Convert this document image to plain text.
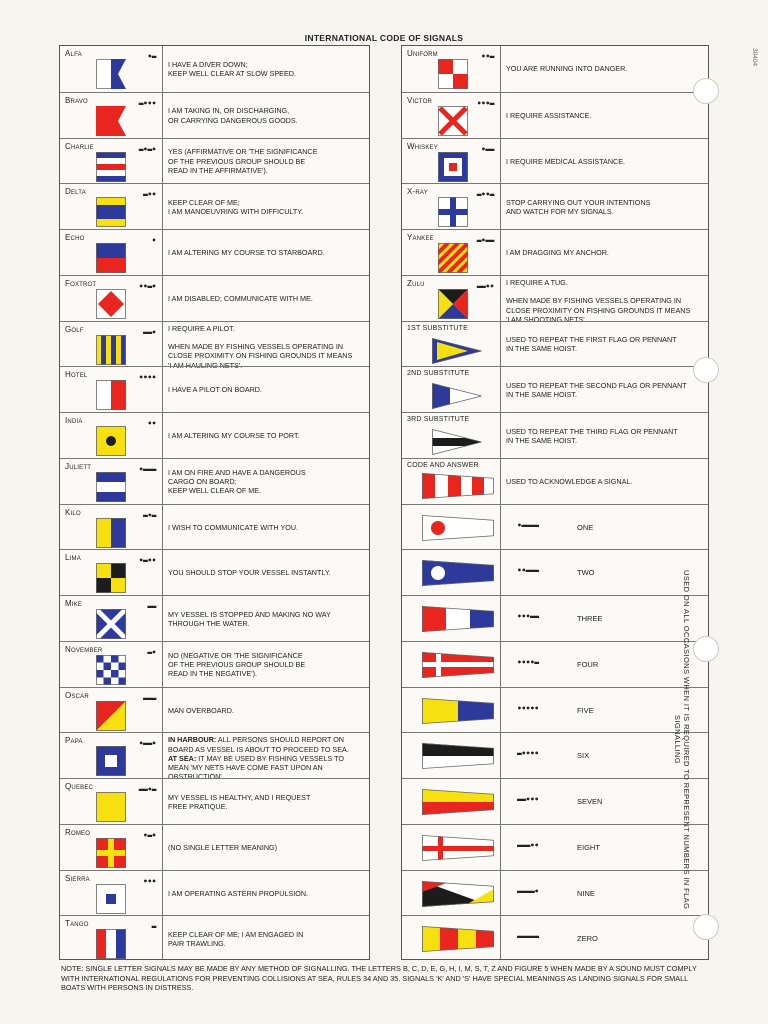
INTERNATIONAL CODE OF SIGNALS
30404
Alfa	•▬
I HAVE A DIVER DOWN;
KEEP WELL CLEAR AT SLOW SPEED.
Bravo	▬•••
I AM TAKING IN, OR DISCHARGING,
OR CARRYING DANGEROUS GOODS.
Charlie	▬•▬• YES (AFFIRMATIVE OR 'THE SIGNIFICANCE
OF THE PREVIOUS GROUP SHOULD BE
READ IN THE AFFIRMATIVE').
Delta	▬••
KEEP CLEAR OF ME;
I AM MANOEUVRING WITH DIFFICULTY.
Echo	•
I AM ALTERING MY COURSE TO STARBOARD.
Foxtrot	••▬•
I AM DISABLED; COMMUNICATE WITH ME.
Golf	▬▬• I REQUIRE A PILOT.

WHEN MADE BY FISHING VESSELS OPERATING IN
CLOSE PROXIMITY ON FISHING GROUNDS IT MEANS
'I AM HAULING NETS'.
Hotel	••••
I HAVE A PILOT ON BOARD.
India	••
I AM ALTERING MY COURSE TO PORT.
Juliett	•▬▬▬ I AM ON FIRE AND HAVE A DANGEROUS
CARGO ON BOARD;
KEEP WELL CLEAR OF ME.
Kilo	▬•▬
I WISH TO COMMUNICATE WITH YOU.
Lima	•▬••
YOU SHOULD STOP YOUR VESSEL INSTANTLY.
Mike	▬▬
MY VESSEL IS STOPPED AND MAKING NO WAY
THROUGH THE WATER.
November	▬• NO (NEGATIVE OR 'THE SIGNIFICANCE
OF THE PREVIOUS GROUP SHOULD BE
READ IN THE NEGATIVE').
Oscar	▬▬▬
MAN OVERBOARD.
Papa	•▬▬• IN HARBOUR: ALL PERSONS SHOULD REPORT ON
BOARD AS VESSEL IS ABOUT TO PROCEED TO SEA.
AT SEA: IT MAY BE USED BY FISHING VESSELS TO
MEAN 'MY NETS HAVE COME FAST UPON AN
OBSTRUCTION'.
Quebec	▬▬•▬
MY VESSEL IS HEALTHY, AND I REQUEST
FREE PRATIQUE.
Romeo	•▬•
(NO SINGLE LETTER MEANING)
Sierra	•••
I AM OPERATING ASTERN PROPULSION.
Tango	▬
KEEP CLEAR OF ME; I AM ENGAGED IN
PAIR TRAWLING.
Uniform	••▬
YOU ARE RUNNING INTO DANGER.
Victor	•••▬
I REQUIRE ASSISTANCE.
Whiskey	•▬▬
I REQUIRE MEDICAL ASSISTANCE.
X-ray	▬••▬
STOP CARRYING OUT YOUR INTENTIONS
AND WATCH FOR MY SIGNALS.
Yankee	▬•▬▬
I AM DRAGGING MY ANCHOR.
Zulu	▬▬•• I REQUIRE A TUG.

WHEN MADE BY FISHING VESSELS OPERATING IN
CLOSE PROXIMITY ON FISHING GROUNDS IT MEANS
'I AM SHOOTING NETS'.
1ST SUBSTITUTE
USED TO REPEAT THE FIRST FLAG OR PENNANT
IN THE SAME HOIST.
2ND SUBSTITUTE
USED TO REPEAT THE SECOND FLAG OR PENNANT
IN THE SAME HOIST.
3RD SUBSTITUTE
USED TO REPEAT THE THIRD FLAG OR PENNANT
IN THE SAME HOIST.
CODE AND ANSWER
USED TO ACKNOWLEDGE A SIGNAL.
•▬▬▬▬	ONE
••▬▬▬	TWO
•••▬▬	THREE
••••▬	FOUR
•••••	FIVE
▬••••	SIX
▬▬•••	SEVEN
▬▬▬••	EIGHT
▬▬▬▬•	NINE
▬▬▬▬▬	ZERO
USED ON ALL OCCASIONS WHEN IT IS REQUIRED TO REPRESENT NUMBERS IN FLAG SIGNALLING
NOTE: SINGLE LETTER SIGNALS MAY BE MADE BY ANY METHOD OF SIGNALLING. THE LETTERS B, C, D, E, G, H, I, M, S, T, Z AND FIGURE 5 WHEN MADE BY A SOUND MUST COMPLY WITH INTERNATIONAL REGULATIONS FOR PREVENTING COLLISIONS AT SEA, RULES 34 AND 35. SIGNALS 'K' AND 'S' HAVE SPECIAL MEANINGS AS LANDING SIGNALS FOR SMALL BOATS WITH PERSONS IN DISTRESS.
